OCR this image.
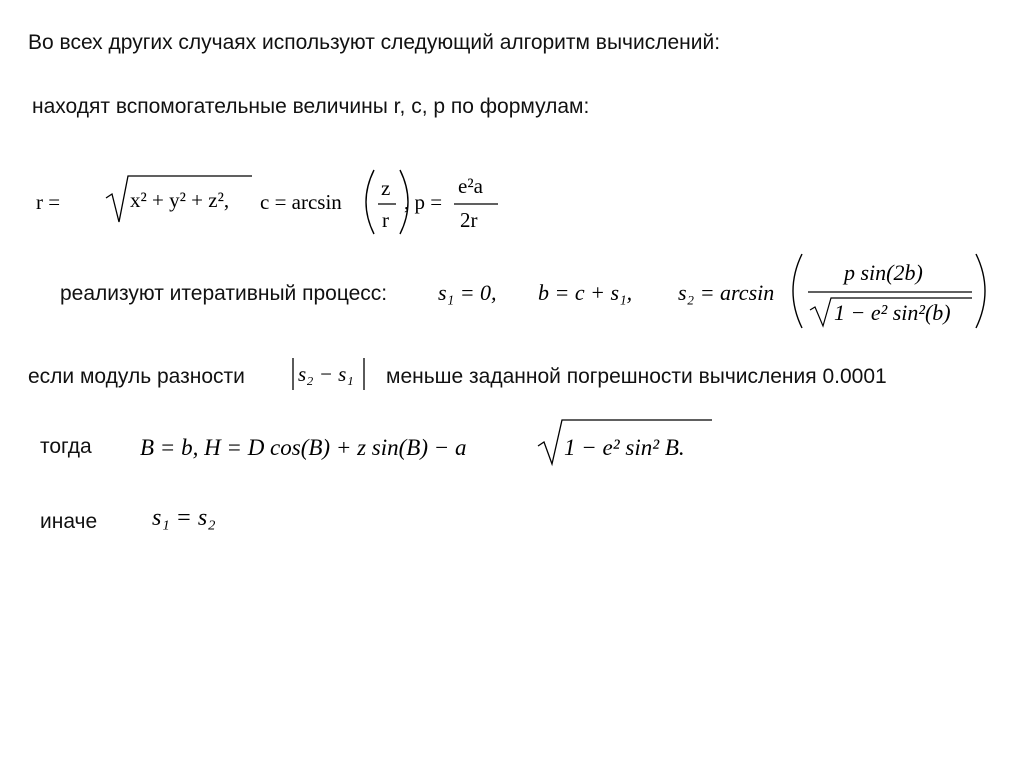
Во всех других случаях используют следующий алгоритм вычислений:
находят вспомогательные величины r, c, p по формулам:
r =	x² + y² + z², c = arcsin
z
r
, p =
e²a
2r
реализуют итеративный процесс: s₁ = 0, b = c + s₁, s₂ = arcsin
p sin(2b)
1 − e² sin²(b)
если модуль разности	s₂ − s₁ меньше заданной погрешности вычисления 0.0001
тогда B = b, H = D cos(B) + z sin(B) − a	1 − e² sin² B.
иначе s₁ = s₂
